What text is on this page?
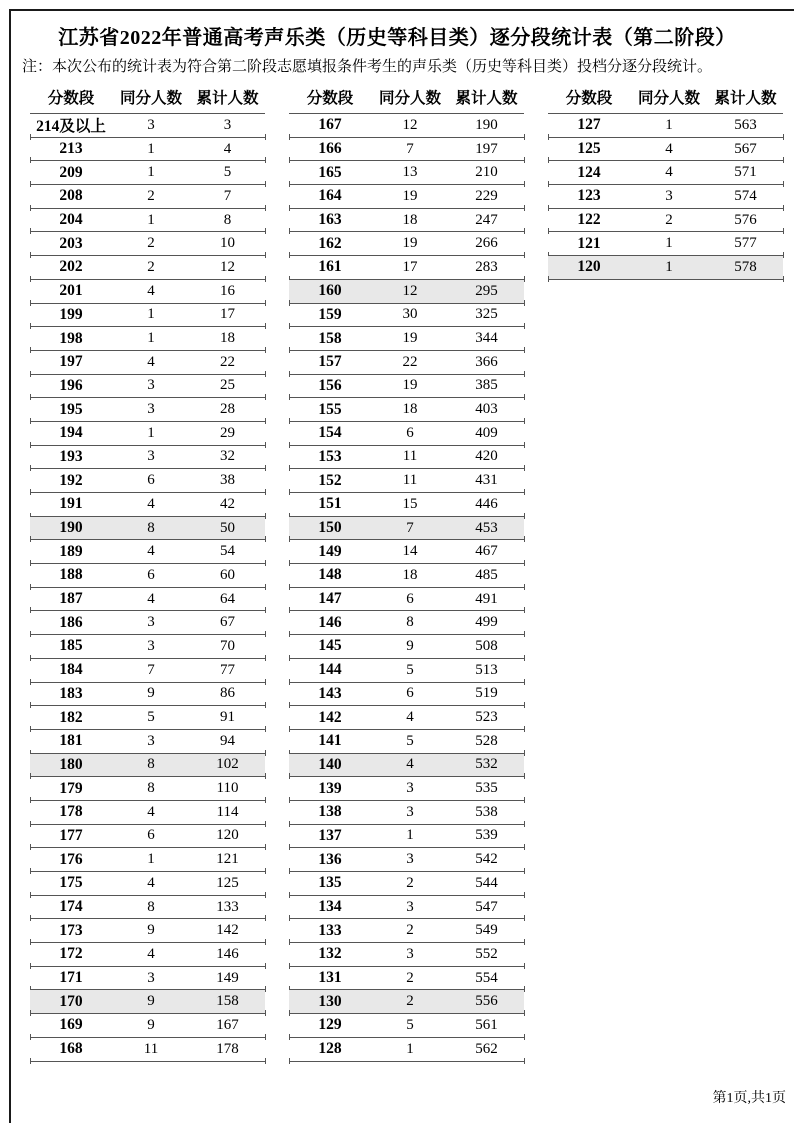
江苏省2022年普通高考声乐类（历史等科目类）逐分段统计表（第二阶段）
注：本次公布的统计表为符合第二阶段志愿填报条件考生的声乐类（历史等科目类）投档分逐分段统计。
分数段	同分人数 累计人数
214及以上	3	3
213	1	4
209	1	5
208	2	7
204	1	8
203	2	10
202	2	12
201	4	16
199	1	17
198	1	18
197	4	22
196	3	25
195	3	28
194	1	29
193	3	32
192	6	38
191	4	42
190	8	50
189	4	54
188	6	60
187	4	64
186	3	67
185	3	70
184	7	77
183	9	86
182	5	91
181	3	94
180	8	102
179	8	110
178	4	114
177	6	120
176	1	121
175	4	125
174	8	133
173	9	142
172	4	146
171	3	149
170	9	158
169	9	167
168	11	178
分数段	同分人数 累计人数
167	12	190
166	7	197
165	13	210
164	19	229
163	18	247
162	19	266
161	17	283
160	12	295
159	30	325
158	19	344
157	22	366
156	19	385
155	18	403
154	6	409
153	11	420
152	11	431
151	15	446
150	7	453
149	14	467
148	18	485
147	6	491
146	8	499
145	9	508
144	5	513
143	6	519
142	4	523
141	5	528
140	4	532
139	3	535
138	3	538
137	1	539
136	3	542
135	2	544
134	3	547
133	2	549
132	3	552
131	2	554
130	2	556
129	5	561
128	1	562
分数段	同分人数 累计人数
127	1	563
125	4	567
124	4	571
123	3	574
122	2	576
121	1	577
120	1	578
第1页,共1页
